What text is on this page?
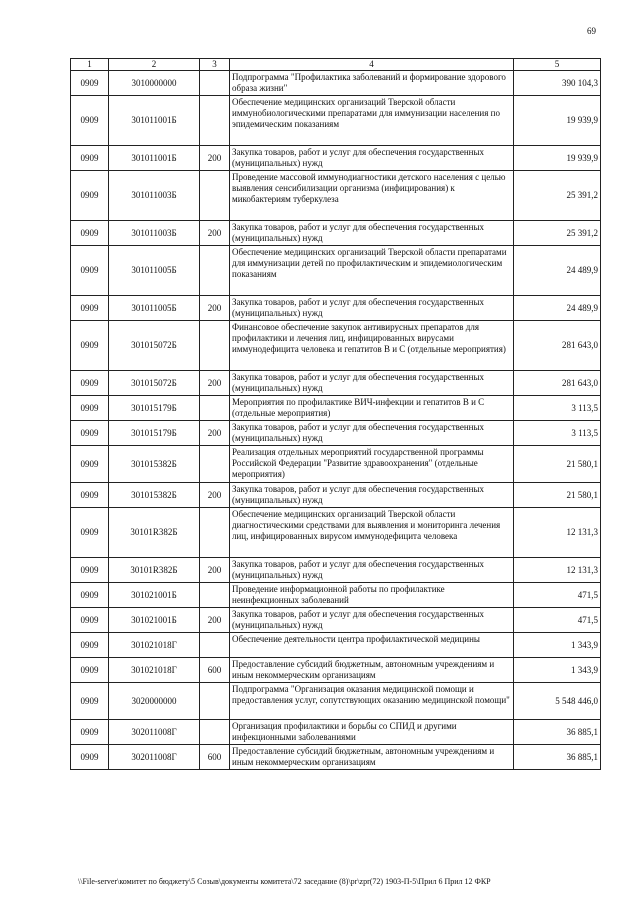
69
1	2	3	4	5
0909	3010000000		Подпрограмма "Профилактика заболеваний и формирование здорового образа жизни"	390 104,3
0909	301011001Б		Обеспечение медицинских организаций Тверской области иммунобиологическими препаратами для иммунизации населения по эпидемическим показаниям	19 939,9
0909	301011001Б	200	Закупка товаров, работ и услуг для обеспечения государственных (муниципальных) нужд	19 939,9
0909	301011003Б		Проведение массовой иммунодиагностики детского населения с целью выявления сенсибилизации организма (инфицирования) к микобактериям туберкулеза	25 391,2
0909	301011003Б	200	Закупка товаров, работ и услуг для обеспечения государственных (муниципальных) нужд	25 391,2
0909	301011005Б		Обеспечение медицинских организаций Тверской области препаратами для иммунизации детей по профилактическим и эпидемиологическим показаниям	24 489,9
0909	301011005Б	200	Закупка товаров, работ и услуг для обеспечения государственных (муниципальных) нужд	24 489,9
0909	301015072Б		Финансовое обеспечение закупок антивирусных препаратов для профилактики и лечения лиц, инфицированных вирусами иммунодефицита человека и гепатитов В и С (отдельные мероприятия)	281 643,0
0909	301015072Б	200	Закупка товаров, работ и услуг для обеспечения государственных (муниципальных) нужд	281 643,0
0909	301015179Б		Мероприятия по профилактике ВИЧ-инфекции и гепатитов В и С (отдельные мероприятия)	3 113,5
0909	301015179Б	200	Закупка товаров, работ и услуг для обеспечения государственных (муниципальных) нужд	3 113,5
0909	301015382Б		Реализация отдельных мероприятий государственной программы Российской Федерации "Развитие здравоохранения" (отдельные мероприятия)	21 580,1
0909	301015382Б	200	Закупка товаров, работ и услуг для обеспечения государственных (муниципальных) нужд	21 580,1
0909	30101R382Б		Обеспечение медицинских организаций Тверской области диагностическими средствами для выявления и мониторинга лечения лиц, инфицированных вирусом иммунодефицита человека	12 131,3
0909	30101R382Б	200	Закупка товаров, работ и услуг для обеспечения государственных (муниципальных) нужд	12 131,3
0909	301021001Б		Проведение информационной работы по профилактике неинфекционных заболеваний	471,5
0909	301021001Б	200	Закупка товаров, работ и услуг для обеспечения государственных (муниципальных) нужд	471,5
0909	301021018Г		Обеспечение деятельности центра профилактической медицины	1 343,9
0909	301021018Г	600	Предоставление субсидий бюджетным, автономным учреждениям и иным некоммерческим организациям	1 343,9
0909	3020000000		Подпрограмма "Организация оказания медицинской помощи и предоставления услуг, сопутствующих оказанию медицинской помощи"	5 548 446,0
0909	302011008Г		Организация профилактики и борьбы со СПИД и другими инфекционными заболеваниями	36 885,1
0909	302011008Г	600	Предоставление субсидий бюджетным, автономным учреждениям и иным некоммерческим организациям	36 885,1
\\File-server\комитет по бюджету\5 Созыв\документы комитета\72 заседание (8)\pr\zpr(72) 1903-П-5\Прил 6 Прил 12 ФКР
